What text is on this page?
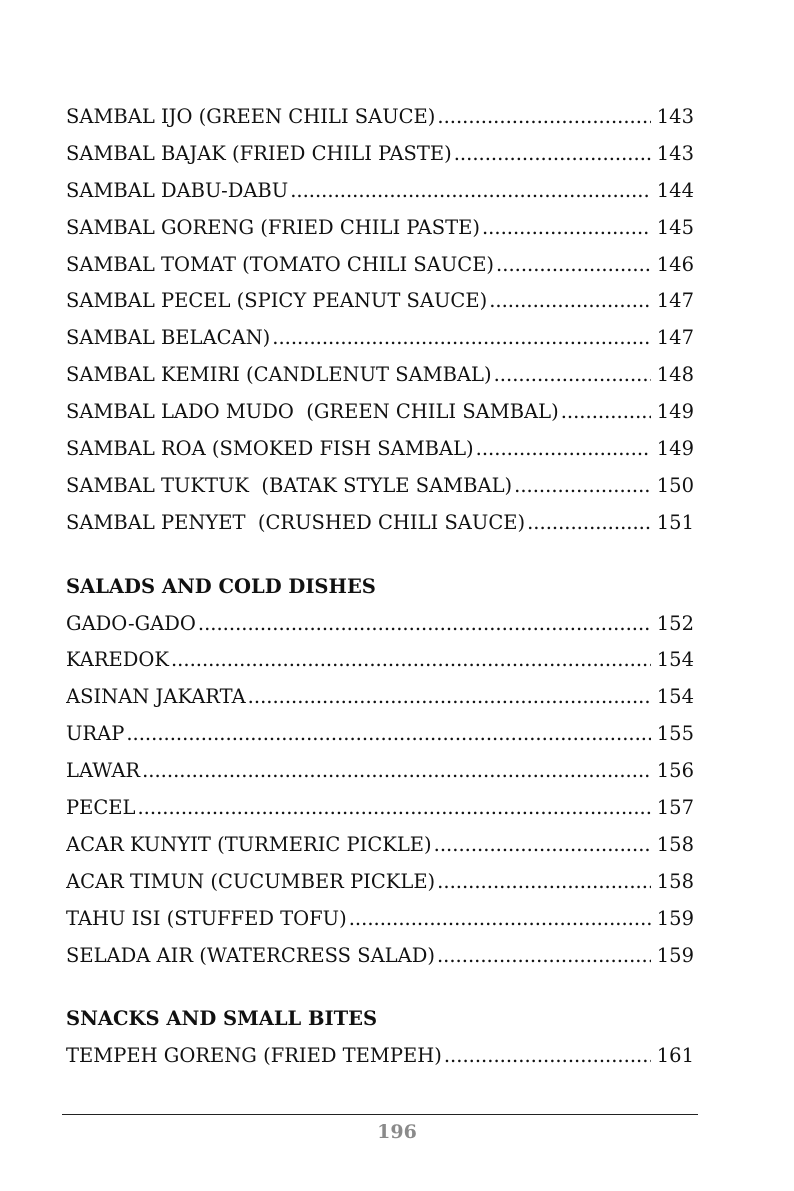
SAMBAL IJO (GREEN CHILI SAUCE) .....	143
SAMBAL BAJAK (FRIED CHILI PASTE) .....	143
SAMBAL DABU-DABU .....	144
SAMBAL GORENG (FRIED CHILI PASTE) .....	145
SAMBAL TOMAT (TOMATO CHILI SAUCE) .....	146
SAMBAL PECEL (SPICY PEANUT SAUCE) .....	147
SAMBAL BELACAN) .....	147
SAMBAL KEMIRI (CANDLENUT SAMBAL) .....	148
SAMBAL LADO MUDO  (GREEN CHILI SAMBAL) .....	149
SAMBAL ROA (SMOKED FISH SAMBAL) .....	149
SAMBAL TUKTUK  (BATAK STYLE SAMBAL) .....	150
SAMBAL PENYET  (CRUSHED CHILI SAUCE) .....	151
SALADS AND COLD DISHES
GADO-GADO .....	152
KAREDOK .....	154
ASINAN JAKARTA .....	154
URAP .....	155
LAWAR .....	156
PECEL .....	157
ACAR KUNYIT (TURMERIC PICKLE) .....	158
ACAR TIMUN (CUCUMBER PICKLE) .....	158
TAHU ISI (STUFFED TOFU) .....	159
SELADA AIR (WATERCRESS SALAD) .....	159
SNACKS AND SMALL BITES
TEMPEH GORENG (FRIED TEMPEH) .....	161
196
